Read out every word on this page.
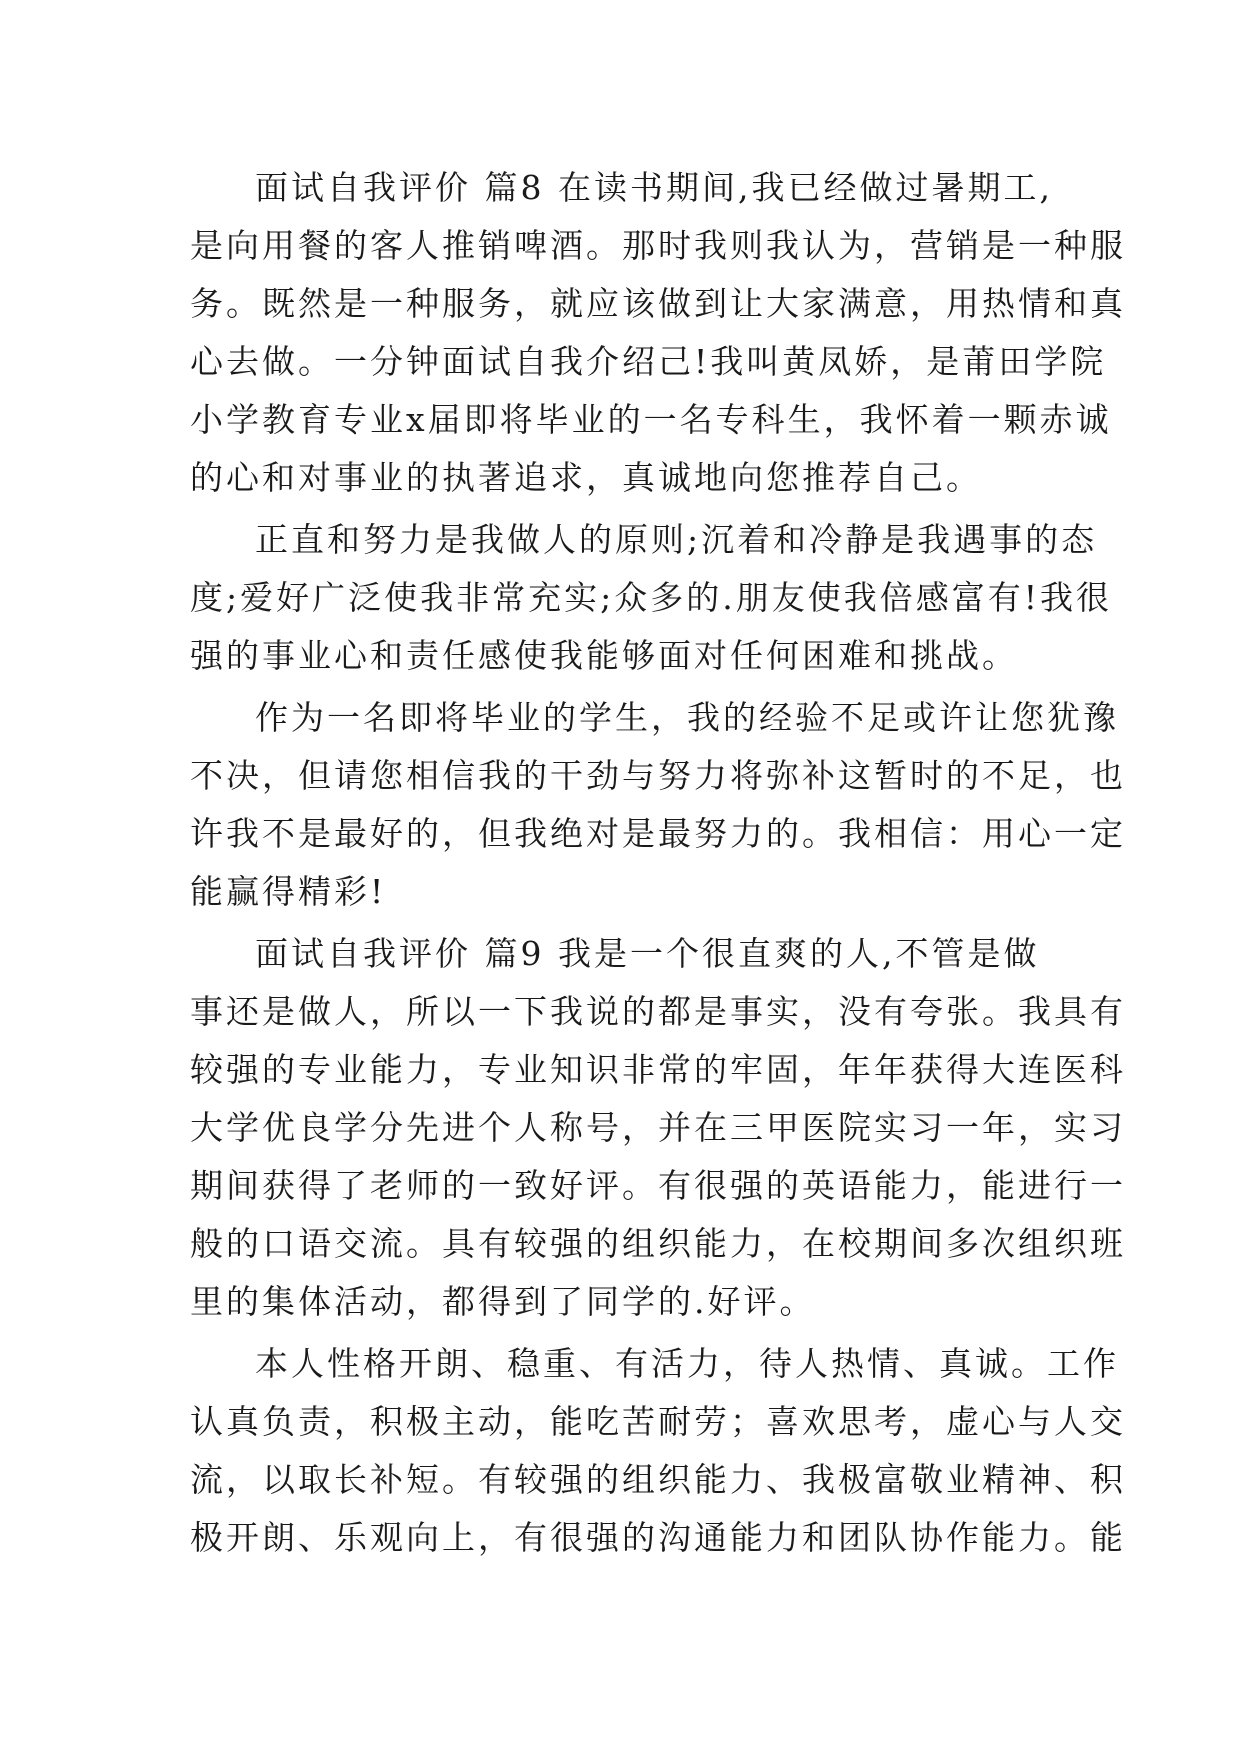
面试自我评价 篇8 在读书期间,我已经做过暑期工,
是向用餐的客人推销啤酒。那时我则我认为，营销是一种服
务。既然是一种服务，就应该做到让大家满意，用热情和真
心去做。一分钟面试自我介绍己!我叫黄凤娇，是莆田学院
小学教育专业x届即将毕业的一名专科生，我怀着一颗赤诚
的心和对事业的执著追求，真诚地向您推荐自己。
正直和努力是我做人的原则;沉着和冷静是我遇事的态
度;爱好广泛使我非常充实;众多的.朋友使我倍感富有!我很
强的事业心和责任感使我能够面对任何困难和挑战。
作为一名即将毕业的学生，我的经验不足或许让您犹豫
不决，但请您相信我的干劲与努力将弥补这暂时的不足，也
许我不是最好的，但我绝对是最努力的。我相信：用心一定
能赢得精彩!
面试自我评价 篇9 我是一个很直爽的人,不管是做
事还是做人，所以一下我说的都是事实，没有夸张。我具有
较强的专业能力，专业知识非常的牢固，年年获得大连医科
大学优良学分先进个人称号，并在三甲医院实习一年，实习
期间获得了老师的一致好评。有很强的英语能力，能进行一
般的口语交流。具有较强的组织能力，在校期间多次组织班
里的集体活动，都得到了同学的.好评。
本人性格开朗、稳重、有活力，待人热情、真诚。工作
认真负责，积极主动，能吃苦耐劳；喜欢思考，虚心与人交
流，以取长补短。有较强的组织能力、我极富敬业精神、积
极开朗、乐观向上，有很强的沟通能力和团队协作能力。能
